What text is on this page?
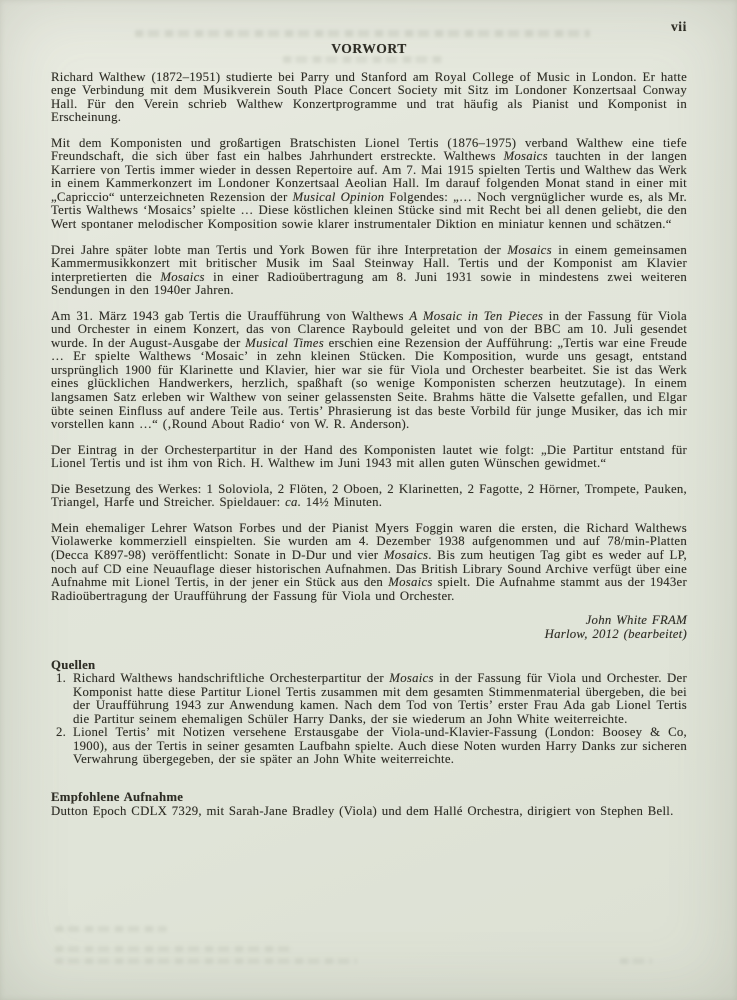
vii
VORWORT

Richard Walthew (1872–1951) studierte bei Parry und Stanford am Royal College of Music in London. Er hatte enge Verbindung mit dem Musikverein South Place Concert Society mit Sitz im Londoner Konzertsaal Conway Hall. Für den Verein schrieb Walthew Konzertprogramme und trat häufig als Pianist und Komponist in Erscheinung.

Mit dem Komponisten und großartigen Bratschisten Lionel Tertis (1876–1975) verband Walthew eine tiefe Freundschaft, die sich über fast ein halbes Jahrhundert erstreckte. Walthews Mosaics tauchten in der langen Karriere von Tertis immer wieder in dessen Repertoire auf. Am 7. Mai 1915 spielten Tertis und Walthew das Werk in einem Kammerkonzert im Londoner Konzertsaal Aeolian Hall. Im darauf folgenden Monat stand in einer mit „Capriccio“ unterzeichneten Rezension der Musical Opinion Folgendes: „… Noch vergnüglicher wurde es, als Mr. Tertis Walthews ‘Mosaics’ spielte … Diese köstlichen kleinen Stücke sind mit Recht bei all denen geliebt, die den Wert spontaner melodischer Komposition sowie klarer instrumentaler Diktion en miniatur kennen und schätzen.“

Drei Jahre später lobte man Tertis und York Bowen für ihre Interpretation der Mosaics in einem gemeinsamen Kammermusikkonzert mit britischer Musik im Saal Steinway Hall. Tertis und der Komponist am Klavier interpretierten die Mosaics in einer Radioübertragung am 8. Juni 1931 sowie in mindestens zwei weiteren Sendungen in den 1940er Jahren.

Am 31. März 1943 gab Tertis die Uraufführung von Walthews A Mosaic in Ten Pieces in der Fassung für Viola und Orchester in einem Konzert, das von Clarence Raybould geleitet und von der BBC am 10. Juli gesendet wurde. In der August-Ausgabe der Musical Times erschien eine Rezension der Aufführung: „Tertis war eine Freude … Er spielte Walthews ‘Mosaic’ in zehn kleinen Stücken. Die Komposition, wurde uns gesagt, entstand ursprünglich 1900 für Klarinette und Klavier, hier war sie für Viola und Orchester bearbeitet. Sie ist das Werk eines glücklichen Handwerkers, herzlich, spaßhaft (so wenige Komponisten scherzen heutzutage). In einem langsamen Satz erleben wir Walthew von seiner gelassensten Seite. Brahms hätte die Valsette gefallen, und Elgar übte seinen Einfluss auf andere Teile aus. Tertis’ Phrasierung ist das beste Vorbild für junge Musiker, das ich mir vorstellen kann …“ (‚Round About Radio‘ von W. R. Anderson).

Der Eintrag in der Orchesterpartitur in der Hand des Komponisten lautet wie folgt: „Die Partitur entstand für Lionel Tertis und ist ihm von Rich. H. Walthew im Juni 1943 mit allen guten Wünschen gewidmet.“

Die Besetzung des Werkes: 1 Soloviola, 2 Flöten, 2 Oboen, 2 Klarinetten, 2 Fagotte, 2 Hörner, Trompete, Pauken, Triangel, Harfe und Streicher. Spieldauer: ca. 14½ Minuten.

Mein ehemaliger Lehrer Watson Forbes und der Pianist Myers Foggin waren die ersten, die Richard Walthews Violawerke kommerziell einspielten. Sie wurden am 4. Dezember 1938 aufgenommen und auf 78/min-Platten (Decca K897-98) veröffentlicht: Sonate in D-Dur und vier Mosaics. Bis zum heutigen Tag gibt es weder auf LP, noch auf CD eine Neuauflage dieser historischen Aufnahmen. Das British Library Sound Archive verfügt über eine Aufnahme mit Lionel Tertis, in der jener ein Stück aus den Mosaics spielt. Die Aufnahme stammt aus der 1943er Radioübertragung der Uraufführung der Fassung für Viola und Orchester.

John White FRAM
Harlow, 2012 (bearbeitet)
Quellen
1. Richard Walthews handschriftliche Orchesterpartitur der Mosaics in der Fassung für Viola und Orchester. Der Komponist hatte diese Partitur Lionel Tertis zusammen mit dem gesamten Stimmenmaterial übergeben, die bei der Uraufführung 1943 zur Anwendung kamen. Nach dem Tod von Tertis’ erster Frau Ada gab Lionel Tertis die Partitur seinem ehemaligen Schüler Harry Danks, der sie wiederum an John White weiterreichte.
2. Lionel Tertis’ mit Notizen versehene Erstausgabe der Viola-und-Klavier-Fassung (London: Boosey & Co, 1900), aus der Tertis in seiner gesamten Laufbahn spielte. Auch diese Noten wurden Harry Danks zur sicheren Verwahrung übergegeben, der sie später an John White weiterreichte.
Empfohlene Aufnahme
Dutton Epoch CDLX 7329, mit Sarah-Jane Bradley (Viola) und dem Hallé Orchestra, dirigiert von Stephen Bell.
